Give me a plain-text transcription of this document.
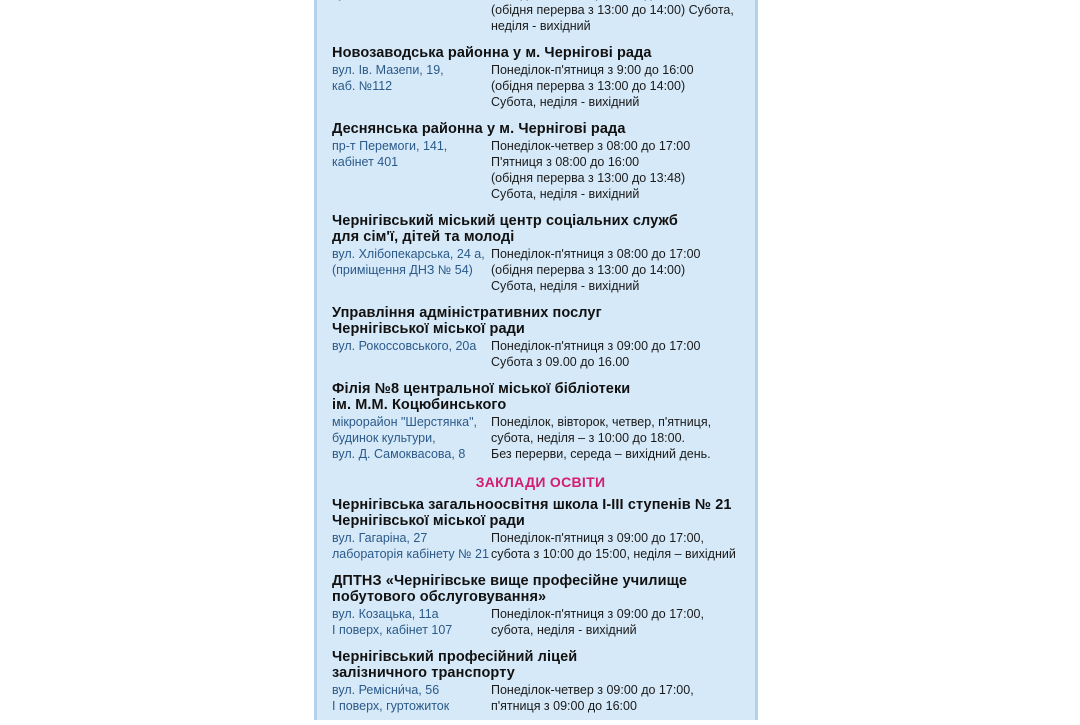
(обідня перерва з 13:00 до 14:00) Субота,
неділя - вихідний
Новозаводська районна у м. Чернігові рада
вул. Ів. Мазепи, 19,
каб. №112
Понеділок-п'ятниця з 9:00 до 16:00
(обідня перерва з 13:00 до 14:00)
Субота, неділя - вихідний
Деснянська районна у м. Чернігові рада
пр-т Перемоги, 141,
кабінет 401
Понеділок-четвер з 08:00 до 17:00
П'ятниця з 08:00 до 16:00
(обідня перерва з 13:00 до 13:48)
Субота, неділя - вихідний
Чернігівський міський центр соціальних служб
для сім'ї, дітей та молоді
вул. Хлібопекарська, 24 а,
(приміщення ДНЗ № 54)
Понеділок-п'ятниця з 08:00 до 17:00
(обідня перерва з 13:00 до 14:00)
Субота, неділя - вихідний
Управління адміністративних послуг
Чернігівської міської ради
вул. Рокоссовського, 20а	Понеділок-п'ятниця з 09:00 до 17:00
Субота з 09.00 до 16.00
Філія №8 центральної міської бібліотеки
ім. М.М. Коцюбинського
мікрорайон "Шерстянка",
будинок культури,
вул. Д. Самоквасова, 8
Понеділок, вівторок, четвер, п'ятниця,
субота, неділя – з 10:00 до 18:00.
Без перерви, середа – вихідний день.
ЗАКЛАДИ ОСВІТИ
Чернігівська загальноосвітня школа І-ІІІ ступенів № 21
Чернігівської міської ради
вул. Гагаріна, 27
лабораторія кабінету № 21
Понеділок-п'ятниця з 09:00 до 17:00,
субота з 10:00 до 15:00, неділя – вихідний
ДПТНЗ «Чернігівське вище професійне училище
побутового обслуговування»
вул. Козацька, 11а
І поверх, кабінет 107
Понеділок-п'ятниця з 09:00 до 17:00,
субота, неділя - вихідний
Чернігівський професійний ліцей
залізничного транспорту
вул. Ремісни́ча, 56
І поверх, гуртожиток
Понеділок-четвер з 09:00 до 17:00,
п'ятниця з 09:00 до 16:00
